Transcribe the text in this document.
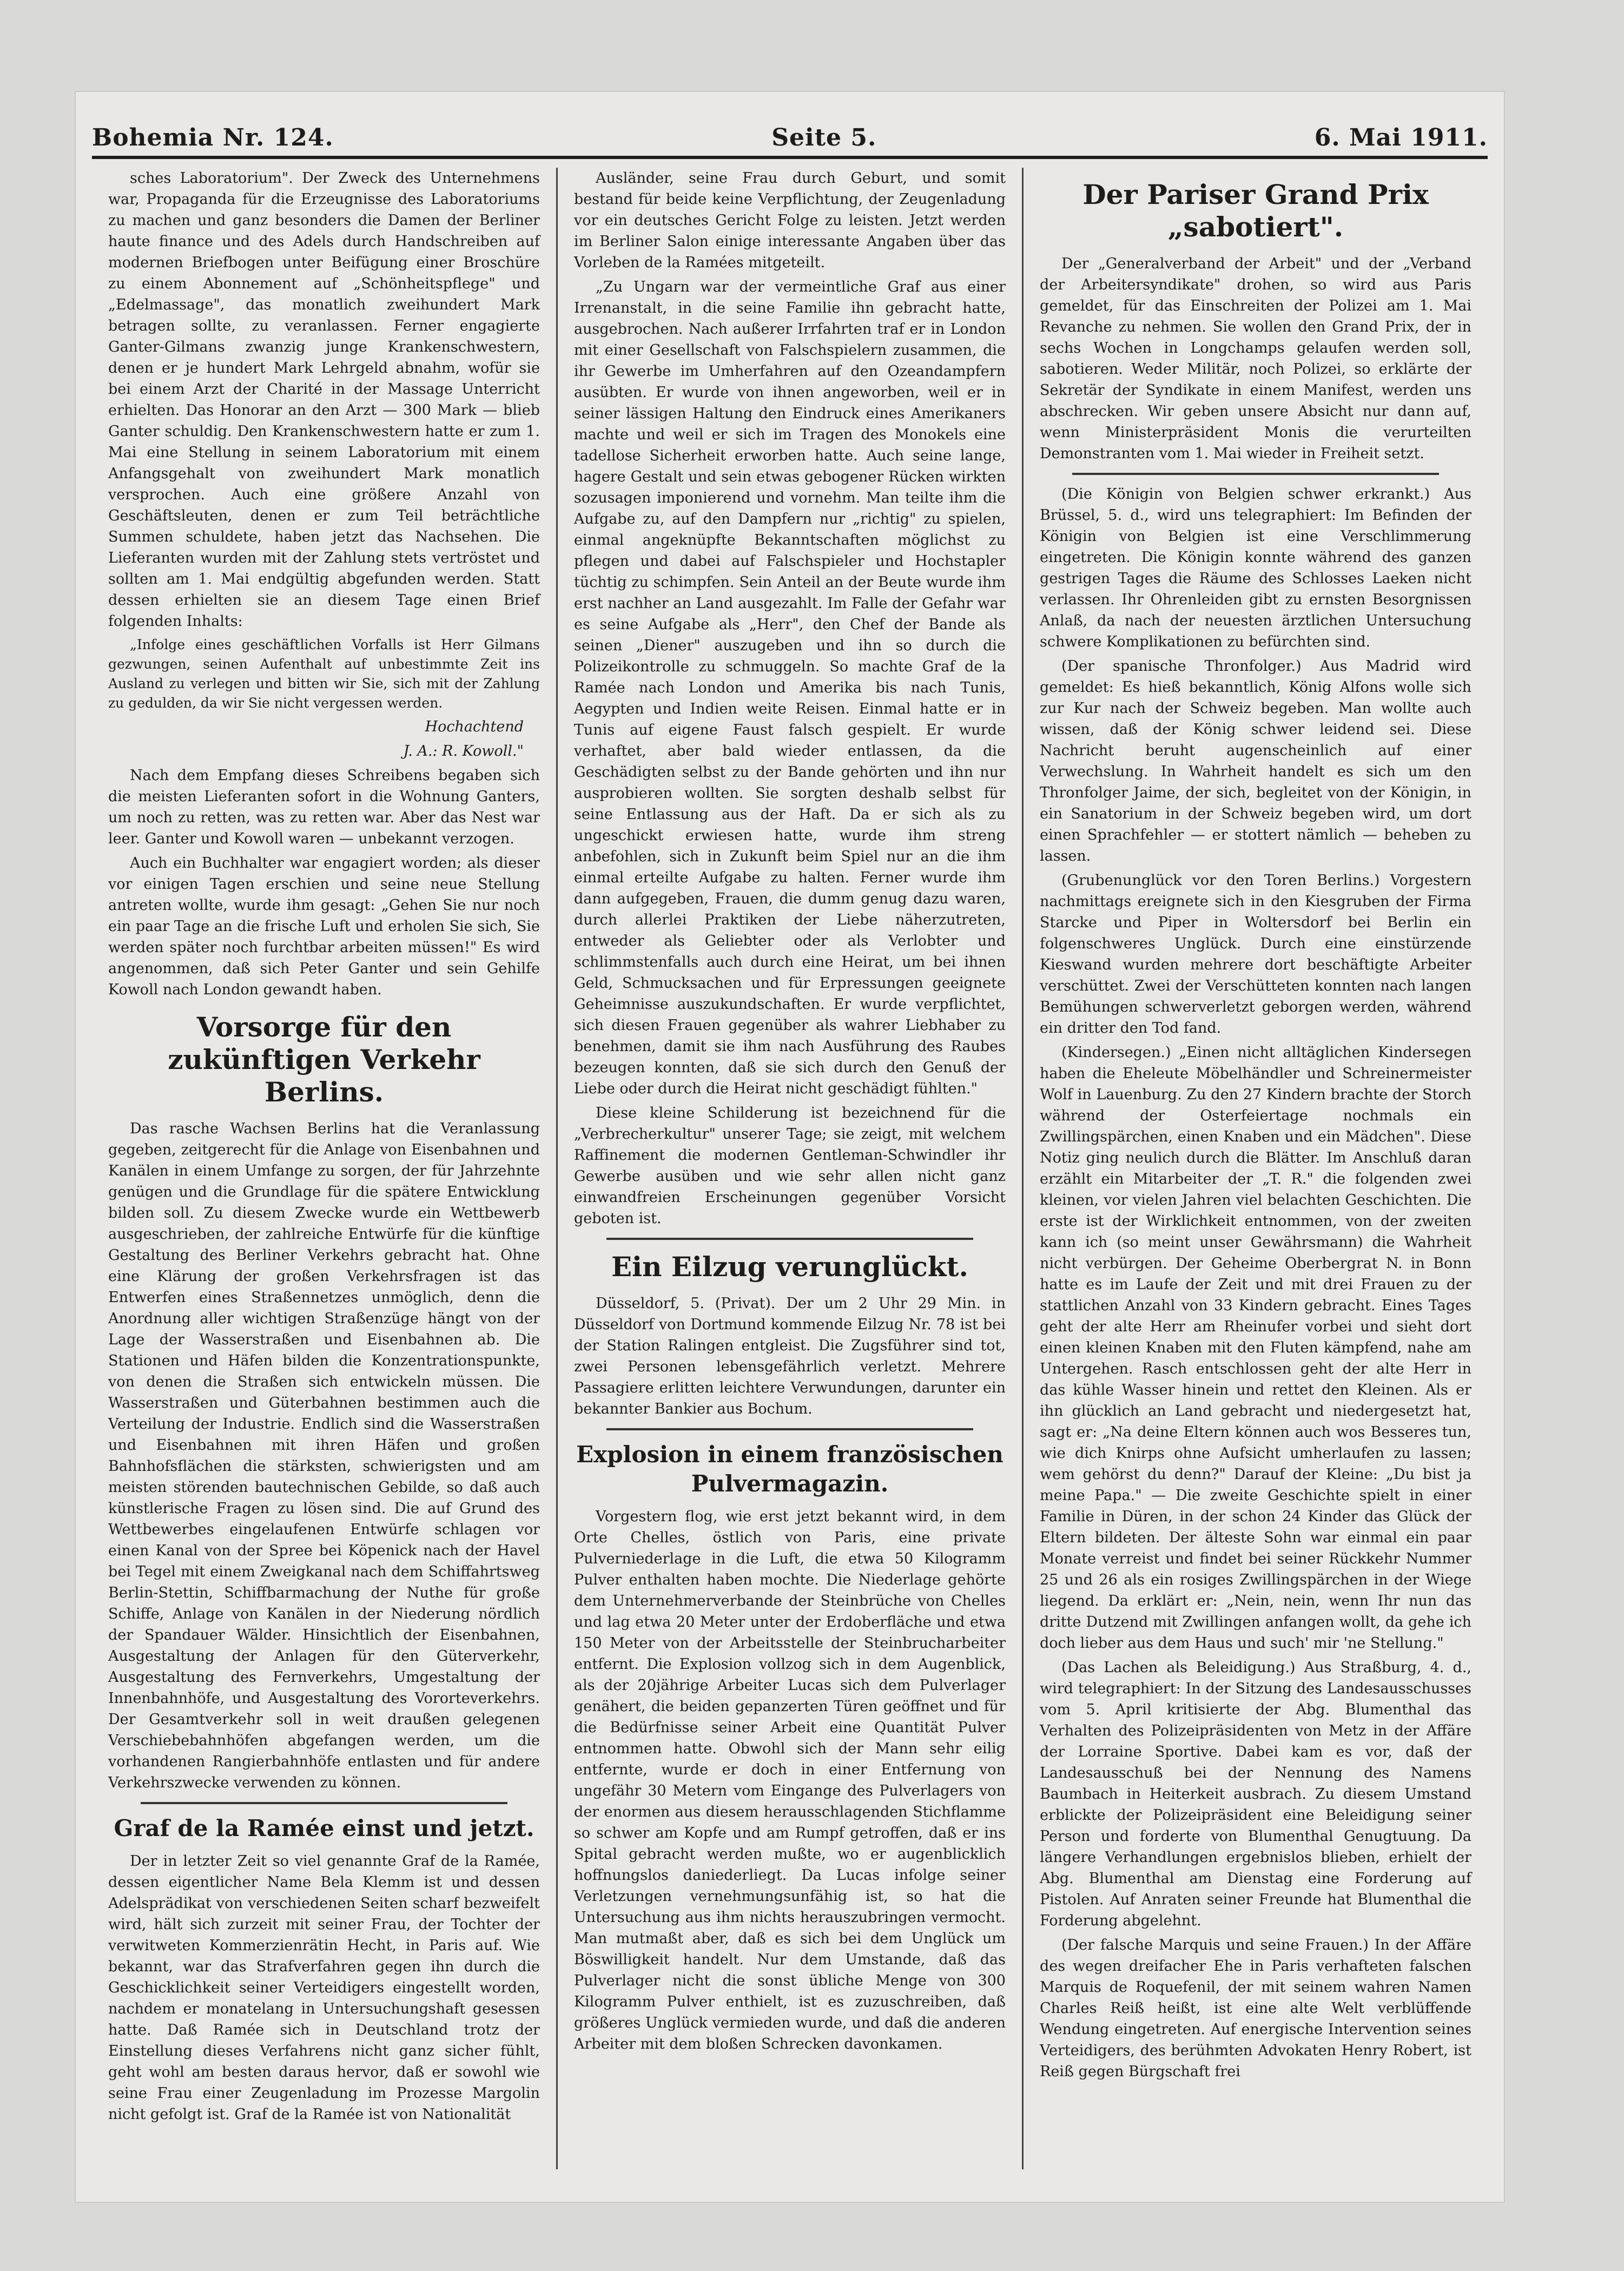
Bohemia Nr. 124.	Seite 5.	6. Mai 1911.

sches Laboratorium". Der Zweck des Unternehmens war, Propaganda für die Erzeugnisse des Laboratoriums zu machen und ganz besonders die Damen der Berliner haute finance und des Adels durch Handschreiben auf modernen Briefbogen unter Beifügung einer Broschüre zu einem Abonnement auf „Schönheitspflege" und „Edelmassage", das monatlich zweihundert Mark betragen sollte, zu veranlassen. Ferner engagierte Ganter-Gilmans zwanzig junge Krankenschwestern, denen er je hundert Mark Lehrgeld abnahm, wofür sie bei einem Arzt der Charité in der Massage Unterricht erhielten. Das Honorar an den Arzt — 300 Mark — blieb Ganter schuldig. Den Krankenschwestern hatte er zum 1. Mai eine Stellung in seinem Laboratorium mit einem Anfangsgehalt von zweihundert Mark monatlich versprochen. Auch eine größere Anzahl von Geschäftsleuten, denen er zum Teil beträchtliche Summen schuldete, haben jetzt das Nachsehen. Die Lieferanten wurden mit der Zahlung stets vertröstet und sollten am 1. Mai endgültig abgefunden werden. Statt dessen erhielten sie an diesem Tage einen Brief folgenden Inhalts:

„Infolge eines geschäftlichen Vorfalls ist Herr Gilmans gezwungen, seinen Aufenthalt auf unbestimmte Zeit ins Ausland zu verlegen und bitten wir Sie, sich mit der Zahlung zu gedulden, da wir Sie nicht vergessen werden.

Hochachtend
J. A.: R. Kowoll."

Nach dem Empfang dieses Schreibens begaben sich die meisten Lieferanten sofort in die Wohnung Ganters, um noch zu retten, was zu retten war. Aber das Nest war leer. Ganter und Kowoll waren — unbekannt verzogen.

Auch ein Buchhalter war engagiert worden; als dieser vor einigen Tagen erschien und seine neue Stellung antreten wollte, wurde ihm gesagt: „Gehen Sie nur noch ein paar Tage an die frische Luft und erholen Sie sich, Sie werden später noch furchtbar arbeiten müssen!" Es wird angenommen, daß sich Peter Ganter und sein Gehilfe Kowoll nach London gewandt haben.

Vorsorge für den zukünftigen Verkehr Berlins.

Das rasche Wachsen Berlins hat die Veranlassung gegeben, zeitgerecht für die Anlage von Eisenbahnen und Kanälen in einem Umfange zu sorgen, der für Jahrzehnte genügen und die Grundlage für die spätere Entwicklung bilden soll. Zu diesem Zwecke wurde ein Wettbewerb ausgeschrieben, der zahlreiche Entwürfe für die künftige Gestaltung des Berliner Verkehrs gebracht hat. Ohne eine Klärung der großen Verkehrsfragen ist das Entwerfen eines Straßennetzes unmöglich, denn die Anordnung aller wichtigen Straßenzüge hängt von der Lage der Wasserstraßen und Eisenbahnen ab. Die Stationen und Häfen bilden die Konzentrationspunkte, von denen die Straßen sich entwickeln müssen. Die Wasserstraßen und Güterbahnen bestimmen auch die Verteilung der Industrie. Endlich sind die Wasserstraßen und Eisenbahnen mit ihren Häfen und großen Bahnhofsflächen die stärksten, schwierigsten und am meisten störenden bautechnischen Gebilde, so daß auch künstlerische Fragen zu lösen sind. Die auf Grund des Wettbewerbes eingelaufenen Entwürfe schlagen vor einen Kanal von der Spree bei Köpenick nach der Havel bei Tegel mit einem Zweigkanal nach dem Schiffahrtsweg Berlin-Stettin, Schiffbarmachung der Nuthe für große Schiffe, Anlage von Kanälen in der Niederung nördlich der Spandauer Wälder. Hinsichtlich der Eisenbahnen, Ausgestaltung der Anlagen für den Güterverkehr, Ausgestaltung des Fernverkehrs, Umgestaltung der Innenbahnhöfe, und Ausgestaltung des Vororteverkehrs. Der Gesamtverkehr soll in weit draußen gelegenen Verschiebebahnhöfen abgefangen werden, um die vorhandenen Rangierbahnhöfe entlasten und für andere Verkehrszwecke verwenden zu können.

Graf de la Ramée einst und jetzt.

Der in letzter Zeit so viel genannte Graf de la Ramée, dessen eigentlicher Name Bela Klemm ist und dessen Adelsprädikat von verschiedenen Seiten scharf bezweifelt wird, hält sich zurzeit mit seiner Frau, der Tochter der verwitweten Kommerzienrätin Hecht, in Paris auf. Wie bekannt, war das Strafverfahren gegen ihn durch die Geschicklichkeit seiner Verteidigers eingestellt worden, nachdem er monatelang in Untersuchungshaft gesessen hatte. Daß Ramée sich in Deutschland trotz der Einstellung dieses Verfahrens nicht ganz sicher fühlt, geht wohl am besten daraus hervor, daß er sowohl wie seine Frau einer Zeugenladung im Prozesse Margolin nicht gefolgt ist. Graf de la Ramée ist von Nationalität

Ausländer, seine Frau durch Geburt, und somit bestand für beide keine Verpflichtung, der Zeugenladung vor ein deutsches Gericht Folge zu leisten. Jetzt werden im Berliner Salon einige interessante Angaben über das Vorleben de la Ramées mitgeteilt.

„Zu Ungarn war der vermeintliche Graf aus einer Irrenanstalt, in die seine Familie ihn gebracht hatte, ausgebrochen. Nach außerer Irrfahrten traf er in London mit einer Gesellschaft von Falschspielern zusammen, die ihr Gewerbe im Umherfahren auf den Ozeandampfern ausübten. Er wurde von ihnen angeworben, weil er in seiner lässigen Haltung den Eindruck eines Amerikaners machte und weil er sich im Tragen des Monokels eine tadellose Sicherheit erworben hatte. Auch seine lange, hagere Gestalt und sein etwas gebogener Rücken wirkten sozusagen imponierend und vornehm. Man teilte ihm die Aufgabe zu, auf den Dampfern nur „richtig" zu spielen, einmal angeknüpfte Bekanntschaften möglichst zu pflegen und dabei auf Falschspieler und Hochstapler tüchtig zu schimpfen. Sein Anteil an der Beute wurde ihm erst nachher an Land ausgezahlt. Im Falle der Gefahr war es seine Aufgabe als „Herr", den Chef der Bande als seinen „Diener" auszugeben und ihn so durch die Polizeikontrolle zu schmuggeln. So machte Graf de la Ramée nach London und Amerika bis nach Tunis, Aegypten und Indien weite Reisen. Einmal hatte er in Tunis auf eigene Faust falsch gespielt. Er wurde verhaftet, aber bald wieder entlassen, da die Geschädigten selbst zu der Bande gehörten und ihn nur ausprobieren wollten. Sie sorgten deshalb selbst für seine Entlassung aus der Haft. Da er sich als zu ungeschickt erwiesen hatte, wurde ihm streng anbefohlen, sich in Zukunft beim Spiel nur an die ihm einmal erteilte Aufgabe zu halten. Ferner wurde ihm dann aufgegeben, Frauen, die dumm genug dazu waren, durch allerlei Praktiken der Liebe näherzutreten, entweder als Geliebter oder als Verlobter und schlimmstenfalls auch durch eine Heirat, um bei ihnen Geld, Schmucksachen und für Erpressungen geeignete Geheimnisse auszukundschaften. Er wurde verpflichtet, sich diesen Frauen gegenüber als wahrer Liebhaber zu benehmen, damit sie ihm nach Ausführung des Raubes bezeugen konnten, daß sie sich durch den Genuß der Liebe oder durch die Heirat nicht geschädigt fühlten."

Diese kleine Schilderung ist bezeichnend für die „Verbrecherkultur" unserer Tage; sie zeigt, mit welchem Raffinement die modernen Gentleman-Schwindler ihr Gewerbe ausüben und wie sehr allen nicht ganz einwandfreien Erscheinungen gegenüber Vorsicht geboten ist.

Ein Eilzug verunglückt.

Düsseldorf, 5. (Privat). Der um 2 Uhr 29 Min. in Düsseldorf von Dortmund kommende Eilzug Nr. 78 ist bei der Station Ralingen entgleist. Die Zugsführer sind tot, zwei Personen lebensgefährlich verletzt. Mehrere Passagiere erlitten leichtere Verwundungen, darunter ein bekannter Bankier aus Bochum.

Explosion in einem französischen Pulvermagazin.

Vorgestern flog, wie erst jetzt bekannt wird, in dem Orte Chelles, östlich von Paris, eine private Pulverniederlage in die Luft, die etwa 50 Kilogramm Pulver enthalten haben mochte. Die Niederlage gehörte dem Unternehmerverbande der Steinbrüche von Chelles und lag etwa 20 Meter unter der Erdoberfläche und etwa 150 Meter von der Arbeitsstelle der Steinbrucharbeiter entfernt. Die Explosion vollzog sich in dem Augenblick, als der 20jährige Arbeiter Lucas sich dem Pulverlager genähert, die beiden gepanzerten Türen geöffnet und für die Bedürfnisse seiner Arbeit eine Quantität Pulver entnommen hatte. Obwohl sich der Mann sehr eilig entfernte, wurde er doch in einer Entfernung von ungefähr 30 Metern vom Eingange des Pulverlagers von der enormen aus diesem herausschlagenden Stichflamme so schwer am Kopfe und am Rumpf getroffen, daß er ins Spital gebracht werden mußte, wo er augenblicklich hoffnungslos daniederliegt. Da Lucas infolge seiner Verletzungen vernehmungsunfähig ist, so hat die Untersuchung aus ihm nichts herauszubringen vermocht. Man mutmaßt aber, daß es sich bei dem Unglück um Böswilligkeit handelt. Nur dem Umstande, daß das Pulverlager nicht die sonst übliche Menge von 300 Kilogramm Pulver enthielt, ist es zuzuschreiben, daß größeres Unglück vermieden wurde, und daß die anderen Arbeiter mit dem bloßen Schrecken davonkamen.

Der Pariser Grand Prix „sabotiert".

Der „Generalverband der Arbeit" und der „Verband der Arbeitersyndikate" drohen, so wird aus Paris gemeldet, für das Einschreiten der Polizei am 1. Mai Revanche zu nehmen. Sie wollen den Grand Prix, der in sechs Wochen in Longchamps gelaufen werden soll, sabotieren. Weder Militär, noch Polizei, so erklärte der Sekretär der Syndikate in einem Manifest, werden uns abschrecken. Wir geben unsere Absicht nur dann auf, wenn Ministerpräsident Monis die verurteilten Demonstranten vom 1. Mai wieder in Freiheit setzt.

(Die Königin von Belgien schwer erkrankt.) Aus Brüssel, 5. d., wird uns telegraphiert: Im Befinden der Königin von Belgien ist eine Verschlimmerung eingetreten. Die Königin konnte während des ganzen gestrigen Tages die Räume des Schlosses Laeken nicht verlassen. Ihr Ohrenleiden gibt zu ernsten Besorgnissen Anlaß, da nach der neuesten ärztlichen Untersuchung schwere Komplikationen zu befürchten sind.

(Der spanische Thronfolger.) Aus Madrid wird gemeldet: Es hieß bekanntlich, König Alfons wolle sich zur Kur nach der Schweiz begeben. Man wollte auch wissen, daß der König schwer leidend sei. Diese Nachricht beruht augenscheinlich auf einer Verwechslung. In Wahrheit handelt es sich um den Thronfolger Jaime, der sich, begleitet von der Königin, in ein Sanatorium in der Schweiz begeben wird, um dort einen Sprachfehler — er stottert nämlich — beheben zu lassen.

(Grubenunglück vor den Toren Berlins.) Vorgestern nachmittags ereignete sich in den Kiesgruben der Firma Starcke und Piper in Woltersdorf bei Berlin ein folgenschweres Unglück. Durch eine einstürzende Kieswand wurden mehrere dort beschäftigte Arbeiter verschüttet. Zwei der Verschütteten konnten nach langen Bemühungen schwerverletzt geborgen werden, während ein dritter den Tod fand.

(Kindersegen.) „Einen nicht alltäglichen Kindersegen haben die Eheleute Möbelhändler und Schreinermeister Wolf in Lauenburg. Zu den 27 Kindern brachte der Storch während der Osterfeiertage nochmals ein Zwillingspärchen, einen Knaben und ein Mädchen". Diese Notiz ging neulich durch die Blätter. Im Anschluß daran erzählt ein Mitarbeiter der „T. R." die folgenden zwei kleinen, vor vielen Jahren viel belachten Geschichten. Die erste ist der Wirklichkeit entnommen, von der zweiten kann ich (so meint unser Gewährsmann) die Wahrheit nicht verbürgen. Der Geheime Oberbergrat N. in Bonn hatte es im Laufe der Zeit und mit drei Frauen zu der stattlichen Anzahl von 33 Kindern gebracht. Eines Tages geht der alte Herr am Rheinufer vorbei und sieht dort einen kleinen Knaben mit den Fluten kämpfend, nahe am Untergehen. Rasch entschlossen geht der alte Herr in das kühle Wasser hinein und rettet den Kleinen. Als er ihn glücklich an Land gebracht und niedergesetzt hat, sagt er: „Na deine Eltern können auch wos Besseres tun, wie dich Knirps ohne Aufsicht umherlaufen zu lassen; wem gehörst du denn?" Darauf der Kleine: „Du bist ja meine Papa." — Die zweite Geschichte spielt in einer Familie in Düren, in der schon 24 Kinder das Glück der Eltern bildeten. Der älteste Sohn war einmal ein paar Monate verreist und findet bei seiner Rückkehr Nummer 25 und 26 als ein rosiges Zwillingspärchen in der Wiege liegend. Da erklärt er: „Nein, nein, wenn Ihr nun das dritte Dutzend mit Zwillingen anfangen wollt, da gehe ich doch lieber aus dem Haus und such' mir 'ne Stellung."

(Das Lachen als Beleidigung.) Aus Straßburg, 4. d., wird telegraphiert: In der Sitzung des Landesausschusses vom 5. April kritisierte der Abg. Blumenthal das Verhalten des Polizeipräsidenten von Metz in der Affäre der Lorraine Sportive. Dabei kam es vor, daß der Landesausschuß bei der Nennung des Namens Baumbach in Heiterkeit ausbrach. Zu diesem Umstand erblickte der Polizeipräsident eine Beleidigung seiner Person und forderte von Blumenthal Genugtuung. Da längere Verhandlungen ergebnislos blieben, erhielt der Abg. Blumenthal am Dienstag eine Forderung auf Pistolen. Auf Anraten seiner Freunde hat Blumenthal die Forderung abgelehnt.

(Der falsche Marquis und seine Frauen.) In der Affäre des wegen dreifacher Ehe in Paris verhafteten falschen Marquis de Roquefenil, der mit seinem wahren Namen Charles Reiß heißt, ist eine alte Welt verblüffende Wendung eingetreten. Auf energische Intervention seines Verteidigers, des berühmten Advokaten Henry Robert, ist Reiß gegen Bürgschaft frei
